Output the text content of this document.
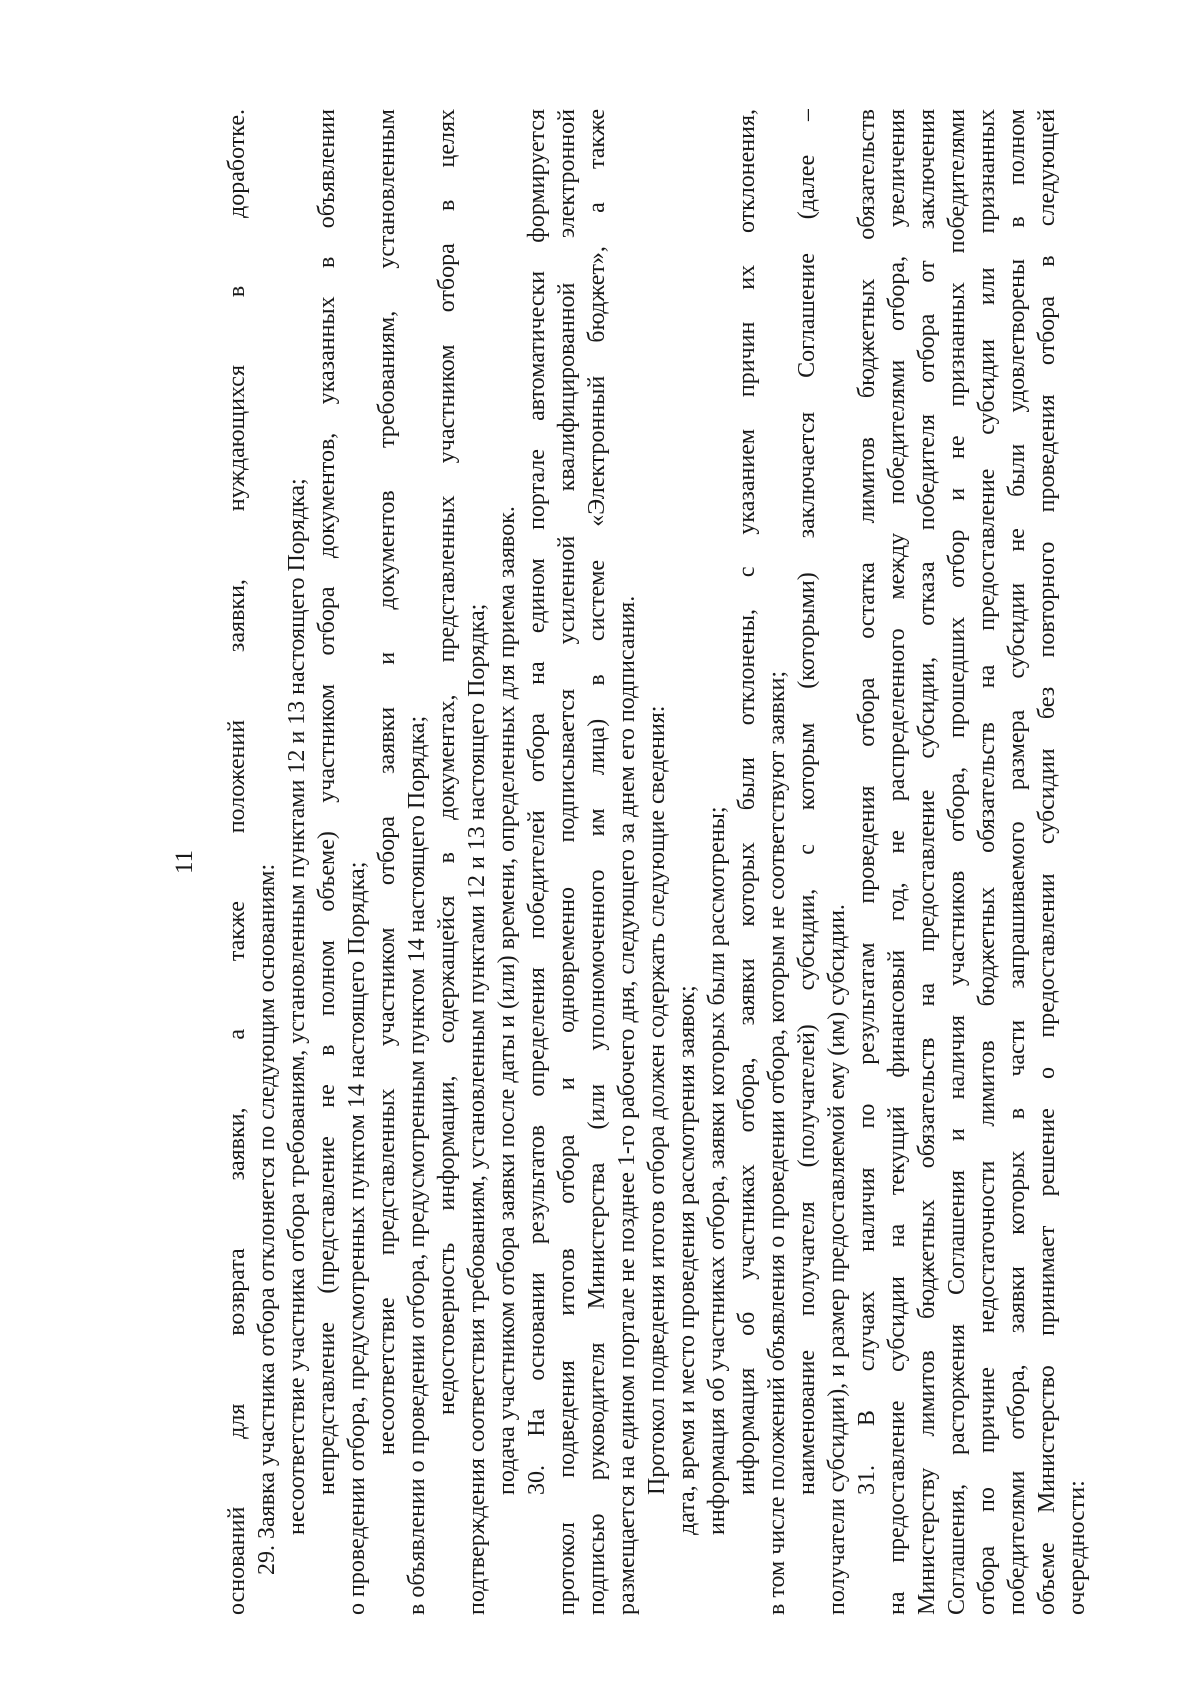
11 оснований для возврата заявки, а также положений заявки, нуждающихся в доработке. 29. Заявка участника отбора отклоняется по следующим основаниям: несоответствие участника отбора требованиям, установленным пунктами 12 и 13 настоящего Порядка; непредставление (представление не в полном объеме) участником отбора документов, указанных в объявлении о проведении отбора, предусмотренных пунктом 14 настоящего Порядка; несоответствие представленных участником отбора заявки и документов требованиям, установленным в объявлении о проведении отбора, предусмотренным пунктом 14 настоящего Порядка; недостоверность информации, содержащейся в документах, представленных участником отбора в целях подтверждения соответствия требованиям, установленным пунктами 12 и 13 настоящего Порядка; подача участником отбора заявки после даты и (или) времени, определенных для приема заявок. 30. На основании результатов определения победителей отбора на едином портале автоматически формируется протокол подведения итогов отбора и одновременно подписывается усиленной квалифицированной электронной подписью руководителя Министерства (или уполномоченного им лица) в системе «Электронный бюджет», а также размещается на едином портале не позднее 1-го рабочего дня, следующего за днем его подписания. Протокол подведения итогов отбора должен содержать следующие сведения: дата, время и место проведения рассмотрения заявок; информация об участниках отбора, заявки которых были рассмотрены; информация об участниках отбора, заявки которых были отклонены, с указанием причин их отклонения, в том числе положений объявления о проведении отбора, которым не соответствуют заявки; наименование получателя (получателей) субсидии, с которым (которыми) заключается Соглашение (далее – получатели субсидии), и размер предоставляемой ему (им) субсидии. 31. В случаях наличия по результатам проведения отбора остатка лимитов бюджетных обязательств на предоставление субсидии на текущий финансовый год, не распределенного между победителями отбора, увеличения Министерству лимитов бюджетных обязательств на предоставление субсидии, отказа победителя отбора от заключения Соглашения, расторжения Соглашения и наличия участников отбора, прошедших отбор и не признанных победителями отбора по причине недостаточности лимитов бюджетных обязательств на предоставление субсидии или признанных победителями отбора, заявки которых в части запрашиваемого размера субсидии не были удовлетворены в полном объеме Министерство принимает решение о предоставлении субсидии без повторного проведения отбора в следующей очередности:
